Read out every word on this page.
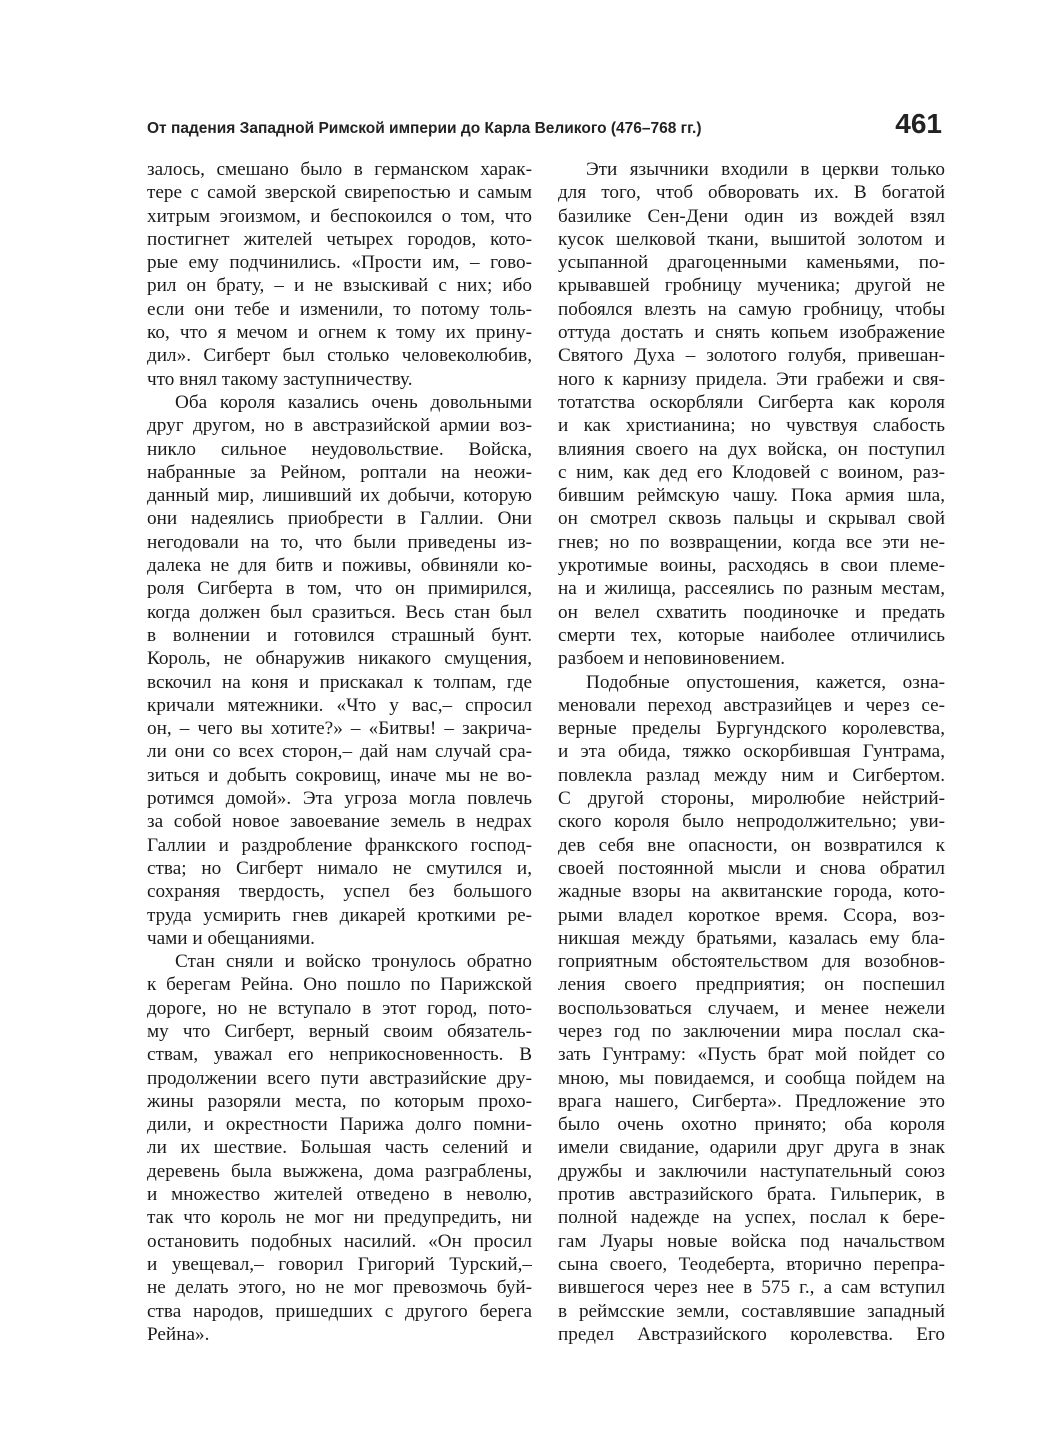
От падения Западной Римской империи до Карла Великого (476–768 гг.)	461
залось, смешано было в германском харак-
тере с самой зверской свирепостью и самым
хитрым эгоизмом, и беспокоился о том, что
постигнет жителей четырех городов, кото-
рые ему подчинились. «Прости им, – гово-
рил он брату, – и не взыскивай с них; ибо
если они тебе и изменили, то потому толь-
ко, что я мечом и огнем к тому их прину-
дил». Сигберт был столько человеколюбив,
что внял такому заступничеству.
Оба короля казались очень довольными
друг другом, но в австразийской армии воз-
никло сильное неудовольствие. Войска,
набранные за Рейном, роптали на неожи-
данный мир, лишивший их добычи, которую
они надеялись приобрести в Галлии. Они
негодовали на то, что были приведены из-
далека не для битв и поживы, обвиняли ко-
роля Сигберта в том, что он примирился,
когда должен был сразиться. Весь стан был
в волнении и готовился страшный бунт.
Король, не обнаружив никакого смущения,
вскочил на коня и прискакал к толпам, где
кричали мятежники. «Что у вас,– спросил
он, – чего вы хотите?» – «Битвы! – закрича-
ли они со всех сторон,– дай нам случай сра-
зиться и добыть сокровищ, иначе мы не во-
ротимся домой». Эта угроза могла повлечь
за собой новое завоевание земель в недрах
Галлии и раздробление франкского господ-
ства; но Сигберт нимало не смутился и,
сохраняя твердость, успел без большого
труда усмирить гнев дикарей кроткими ре-
чами и обещаниями.
Стан сняли и войско тронулось обратно
к берегам Рейна. Оно пошло по Парижской
дороге, но не вступало в этот город, пото-
му что Сигберт, верный своим обязатель-
ствам, уважал его неприкосновенность. В
продолжении всего пути австразийские дру-
жины разоряли места, по которым прохо-
дили, и окрестности Парижа долго помни-
ли их шествие. Большая часть селений и
деревень была выжжена, дома разграблены,
и множество жителей отведено в неволю,
так что король не мог ни предупредить, ни
остановить подобных насилий. «Он просил
и увещевал,– говорил Григорий Турский,–
не делать этого, но не мог превозмочь буй-
ства народов, пришедших с другого берега
Рейна».
Эти язычники входили в церкви только
для того, чтоб обворовать их. В богатой
базилике Сен-Дени один из вождей взял
кусок шелковой ткани, вышитой золотом и
усыпанной драгоценными каменьями, по-
крывавшей гробницу мученика; другой не
побоялся влезть на самую гробницу, чтобы
оттуда достать и снять копьем изображение
Святого Духа – золотого голубя, привешан-
ного к карнизу придела. Эти грабежи и свя-
тотатства оскорбляли Сигберта как короля
и как христианина; но чувствуя слабость
влияния своего на дух войска, он поступил
с ним, как дед его Клодовей с воином, раз-
бившим реймскую чашу. Пока армия шла,
он смотрел сквозь пальцы и скрывал свой
гнев; но по возвращении, когда все эти не-
укротимые воины, расходясь в свои племе-
на и жилища, рассеялись по разным местам,
он велел схватить поодиночке и предать
смерти тех, которые наиболее отличились
разбоем и неповиновением.
Подобные опустошения, кажется, озна-
меновали переход австразийцев и через се-
верные пределы Бургундского королевства,
и эта обида, тяжко оскорбившая Гунтрама,
повлекла разлад между ним и Сигбертом.
С другой стороны, миролюбие нейстрий-
ского короля было непродолжительно; уви-
дев себя вне опасности, он возвратился к
своей постоянной мысли и снова обратил
жадные взоры на аквитанские города, кото-
рыми владел короткое время. Ссора, воз-
никшая между братьями, казалась ему бла-
гоприятным обстоятельством для возобнов-
ления своего предприятия; он поспешил
воспользоваться случаем, и менее нежели
через год по заключении мира послал ска-
зать Гунтраму: «Пусть брат мой пойдет со
мною, мы повидаемся, и сообща пойдем на
врага нашего, Сигберта». Предложение это
было очень охотно принято; оба короля
имели свидание, одарили друг друга в знак
дружбы и заключили наступательный союз
против австразийского брата. Гильперик, в
полной надежде на успех, послал к бере-
гам Луары новые войска под начальством
сына своего, Теодеберта, вторично перепра-
вившегося через нее в 575 г., а сам вступил
в реймсские земли, составлявшие западный
предел Австразийского королевства. Его
